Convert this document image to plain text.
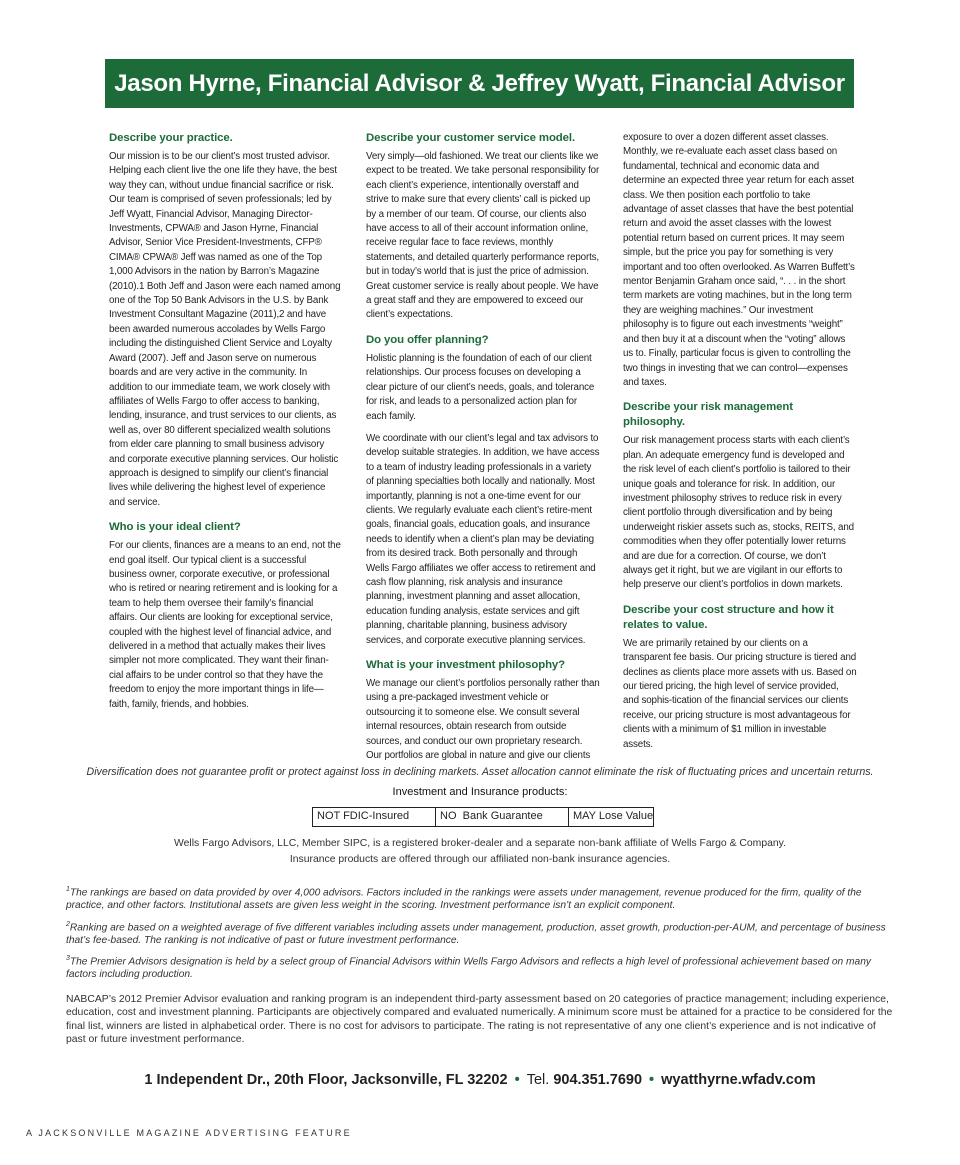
Jason Hyrne, Financial Advisor & Jeffrey Wyatt, Financial Advisor
Describe your practice.

Our mission is to be our client’s most trusted advisor. Helping each client live the one life they have, the best way they can, without undue financial sacrifice or risk. Our team is comprised of seven professionals; led by Jeff Wyatt, Financial Advisor, Managing Director-Investments, CPWA® and Jason Hyrne, Financial Advisor, Senior Vice President-Investments, CFP® CIMA® CPWA® Jeff was named as one of the Top 1,000 Advisors in the nation by Barron’s Magazine (2010).1 Both Jeff and Jason were each named among one of the Top 50 Bank Advisors in the U.S. by Bank Investment Consultant Magazine (2011),2 and have been awarded numerous accolades by Wells Fargo including the distinguished Client Service and Loyalty Award (2007). Jeff and Jason serve on numerous boards and are very active in the community. In addition to our immediate team, we work closely with affiliates of Wells Fargo to offer access to banking, lending, insurance, and trust services to our clients, as well as, over 80 different specialized wealth solutions from elder care planning to small business advisory and corporate executive planning services. Our holistic approach is designed to simplify our client’s financial lives while delivering the highest level of experience and service.

Who is your ideal client?

For our clients, finances are a means to an end, not the end goal itself. Our typical client is a successful business owner, corporate executive, or professional who is retired or nearing retirement and is looking for a team to help them oversee their family’s financial affairs. Our clients are looking for exceptional service, coupled with the highest level of financial advice, and delivered in a method that actually makes their lives simpler not more complicated. They want their finan-cial affairs to be under control so that they have the freedom to enjoy the more important things in life—faith, family, friends, and hobbies.

Describe your customer service model.

Very simply—old fashioned. We treat our clients like we expect to be treated. We take personal responsibility for each client’s experience, intentionally overstaff and strive to make sure that every clients’ call is picked up by a member of our team. Of course, our clients also have access to all of their account information online, receive regular face to face reviews, monthly statements, and detailed quarterly performance reports, but in today’s world that is just the price of admission. Great customer service is really about people. We have a great staff and they are empowered to exceed our client’s expectations.

Do you offer planning?

Holistic planning is the foundation of each of our client relationships. Our process focuses on developing a clear picture of our client’s needs, goals, and tolerance for risk, and leads to a personalized action plan for each family.

We coordinate with our client’s legal and tax advisors to develop suitable strategies. In addition, we have access to a team of industry leading professionals in a variety of planning specialties both locally and nationally. Most importantly, planning is not a one-time event for our clients. We regularly evaluate each client’s retire-ment goals, financial goals, education goals, and insurance needs to identify when a client’s plan may be deviating from its desired track. Both personally and through Wells Fargo affiliates we offer access to retirement and cash flow planning, risk analysis and insurance planning, investment planning and asset allocation, education funding analysis, estate services and gift planning, charitable planning, business advisory services, and corporate executive planning services.

What is your investment philosophy?

We manage our client’s portfolios personally rather than using a pre-packaged investment vehicle or outsourcing it to someone else. We consult several internal resources, obtain research from outside sources, and conduct our own proprietary research. Our portfolios are global in nature and give our clients

exposure to over a dozen different asset classes. Monthly, we re-evaluate each asset class based on fundamental, technical and economic data and determine an expected three year return for each asset class. We then position each portfolio to take advantage of asset classes that have the best potential return and avoid the asset classes with the lowest potential return based on current prices. It may seem simple, but the price you pay for something is very important and too often overlooked. As Warren Buffett’s mentor Benjamin Graham once said, “. . . in the short term markets are voting machines, but in the long term they are weighing machines.” Our investment philosophy is to figure out each investments “weight” and then buy it at a discount when the “voting” allows us to. Finally, particular focus is given to controlling the two things in investing that we can control—expenses and taxes.

Describe your risk management philosophy.

Our risk management process starts with each client’s plan. An adequate emergency fund is developed and the risk level of each client’s portfolio is tailored to their unique goals and tolerance for risk. In addition, our investment philosophy strives to reduce risk in every client portfolio through diversification and by being underweight riskier assets such as, stocks, REITS, and commodities when they offer potentially lower returns and are due for a correction. Of course, we don’t always get it right, but we are vigilant in our efforts to help preserve our client’s portfolios in down markets.

Describe your cost structure and how it relates to value.

We are primarily retained by our clients on a transparent fee basis. Our pricing structure is tiered and declines as clients place more assets with us. Based on our tiered pricing, the high level of service provided, and sophis-tication of the financial services our clients receive, our pricing structure is most advantageous for clients with a minimum of $1 million in investable assets.

Diversification does not guarantee profit or protect against loss in declining markets. Asset allocation cannot eliminate the risk of fluctuating prices and uncertain returns.
Investment and Insurance products:
NOT FDIC-Insured	NO  Bank Guarantee	MAY Lose Value
Wells Fargo Advisors, LLC, Member SIPC, is a registered broker-dealer and a separate non-bank affiliate of Wells Fargo & Company.
Insurance products are offered through our affiliated non-bank insurance agencies.

$^1$The rankings are based on data provided by over 4,000 advisors. Factors included in the rankings were assets under management, revenue produced for the firm, quality of the practice, and other factors. Institutional assets are given less weight in the scoring. Investment performance isn’t an explicit component.

$^2$Ranking are based on a weighted average of five different variables including assets under management, production, asset growth, production-per-AUM, and percentage of business that’s fee-based. The ranking is not indicative of past or future investment performance.

$^3$The Premier Advisors designation is held by a select group of Financial Advisors within Wells Fargo Advisors and reflects a high level of professional achievement based on many factors including production.

NABCAP’s 2012 Premier Advisor evaluation and ranking program is an independent third-party assessment based on 20 categories of practice management; including experience, education, cost and investment planning. Participants are objectively compared and evaluated numerically. A minimum score must be attained for a practice to be considered for the final list, winners are listed in alphabetical order. There is no cost for advisors to participate. The rating is not representative of any one client’s experience and is not indicative of past or future investment performance.
1 Independent Dr., 20th Floor, Jacksonville, FL 32202 • Tel. 904.351.7690 • wyatthyrne.wfadv.com
A JACKSONVILLE MAGAZINE ADVERTISING FEATURE
